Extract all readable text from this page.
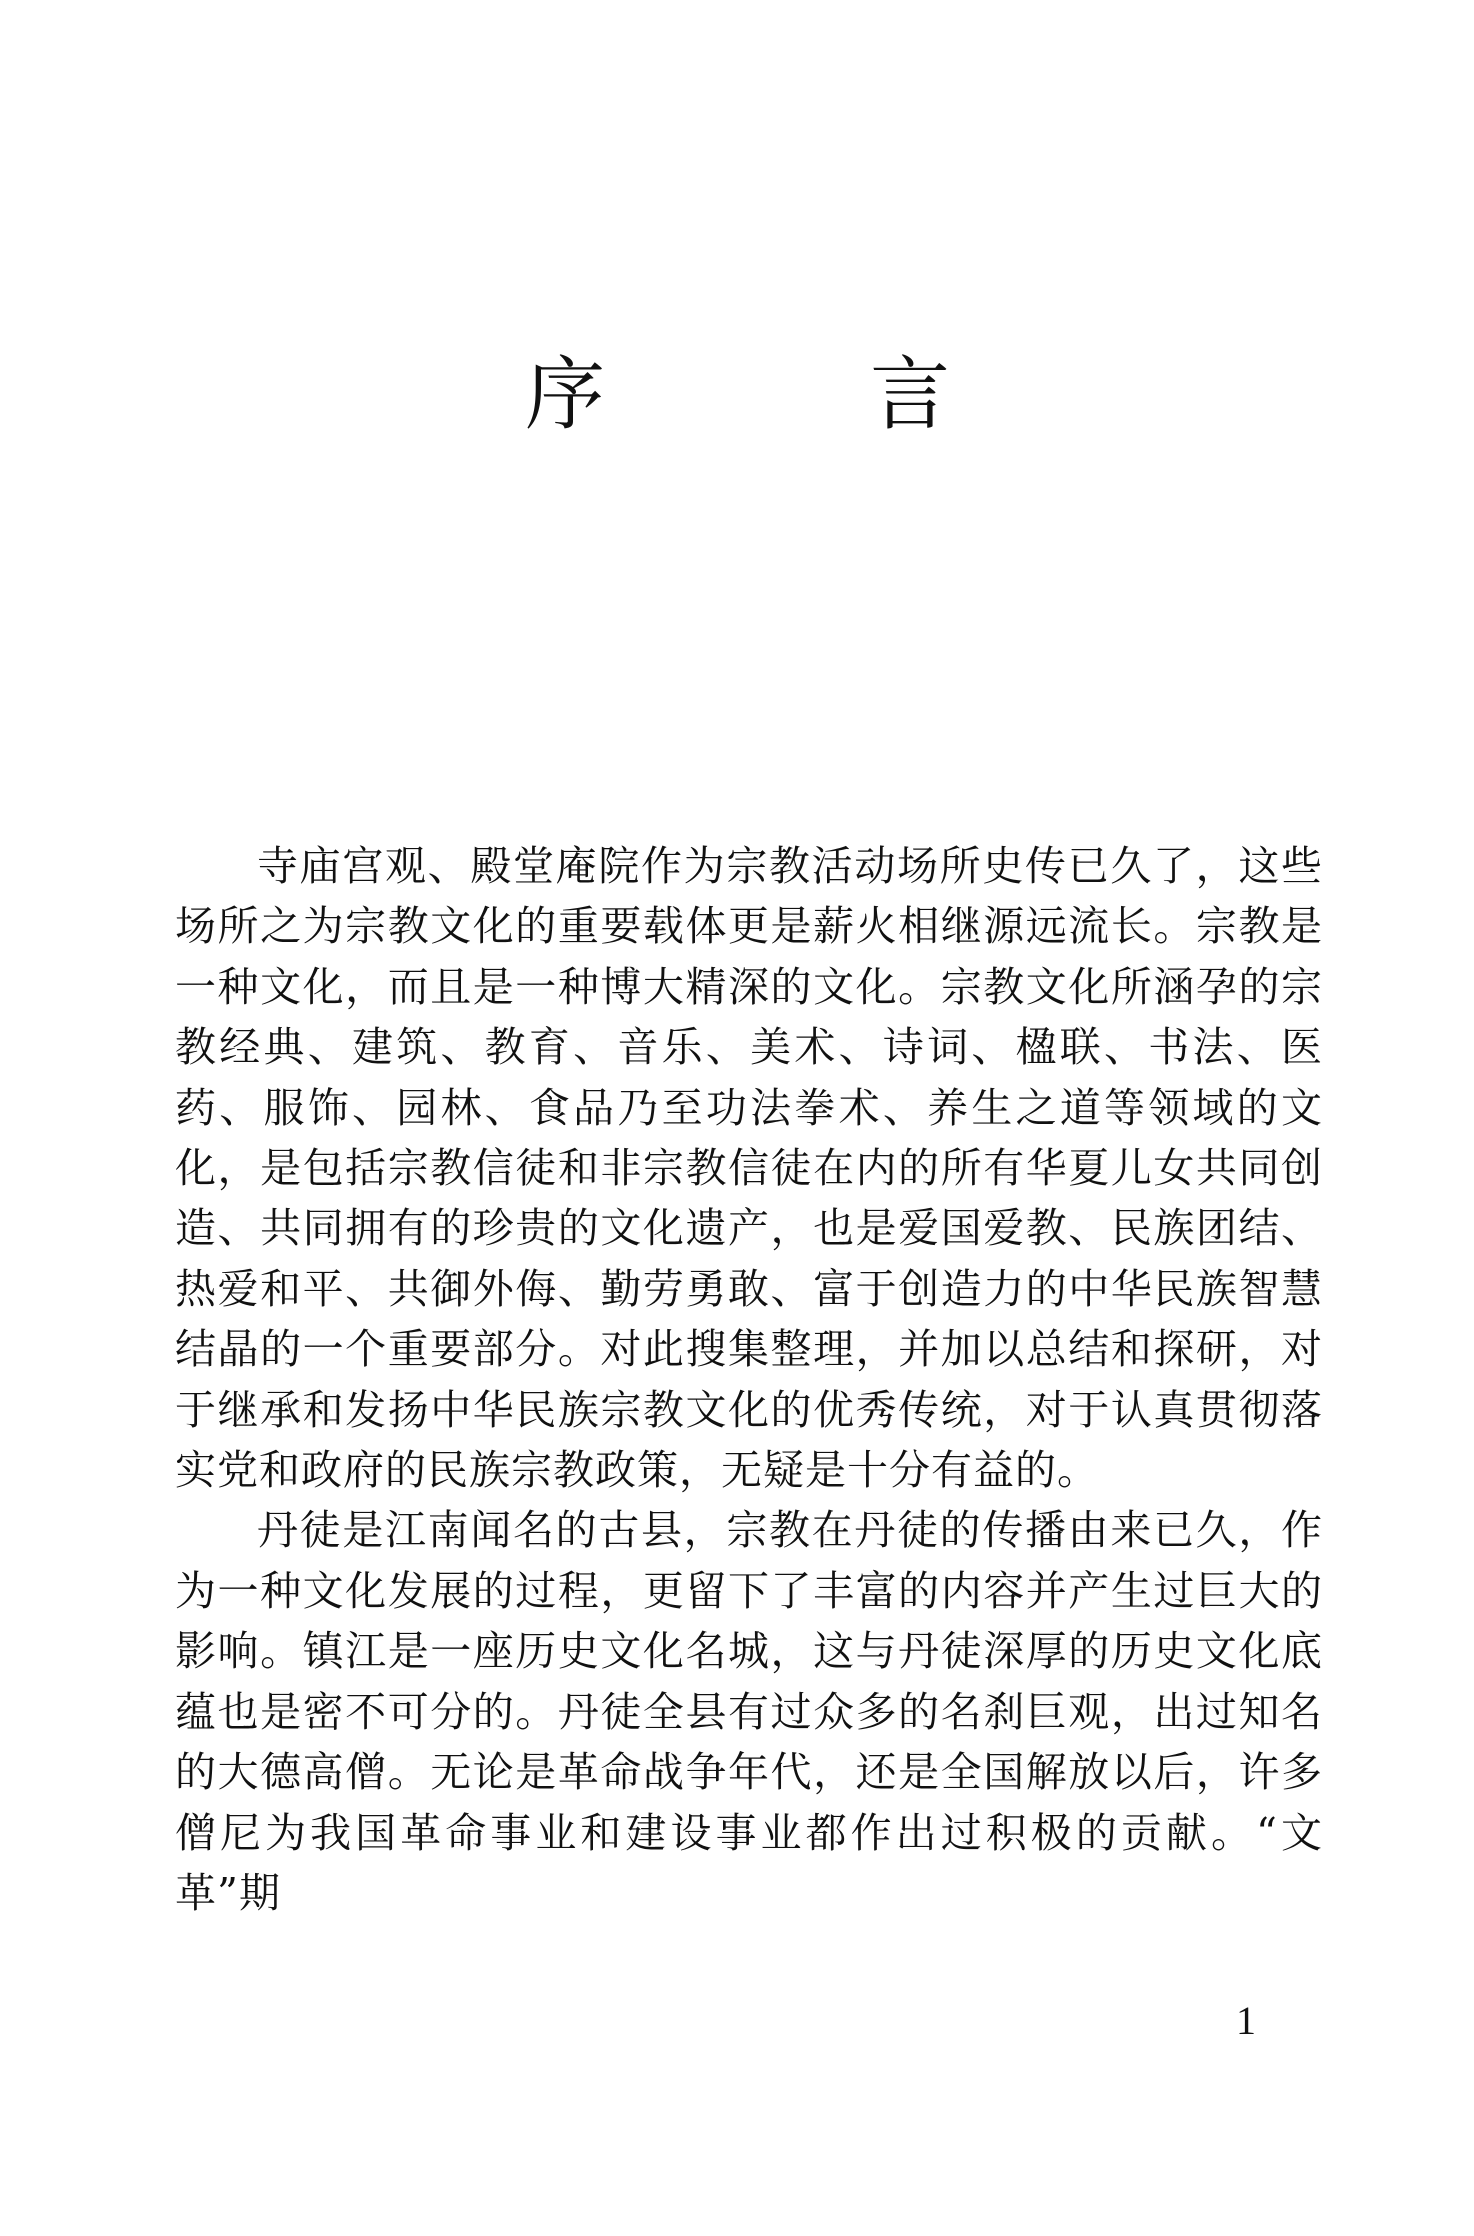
序	言

寺庙宫观、殿堂庵院作为宗教活动场所史传已久了，这些场所之为宗教文化的重要载体更是薪火相继源远流长。宗教是一种文化，而且是一种博大精深的文化。宗教文化所涵孕的宗教经典、建筑、教育、音乐、美术、诗词、楹联、书法、医药、服饰、园林、食品乃至功法拳术、养生之道等领域的文化，是包括宗教信徒和非宗教信徒在内的所有华夏儿女共同创造、共同拥有的珍贵的文化遗产，也是爱国爱教、民族团结、热爱和平、共御外侮、勤劳勇敢、富于创造力的中华民族智慧结晶的一个重要部分。对此搜集整理，并加以总结和探研，对于继承和发扬中华民族宗教文化的优秀传统，对于认真贯彻落实党和政府的民族宗教政策，无疑是十分有益的。

丹徒是江南闻名的古县，宗教在丹徒的传播由来已久，作为一种文化发展的过程，更留下了丰富的内容并产生过巨大的影响。镇江是一座历史文化名城，这与丹徒深厚的历史文化底蕴也是密不可分的。丹徒全县有过众多的名刹巨观，出过知名的大德高僧。无论是革命战争年代，还是全国解放以后，许多僧尼为我国革命事业和建设事业都作出过积极的贡献。“文革”期

1
